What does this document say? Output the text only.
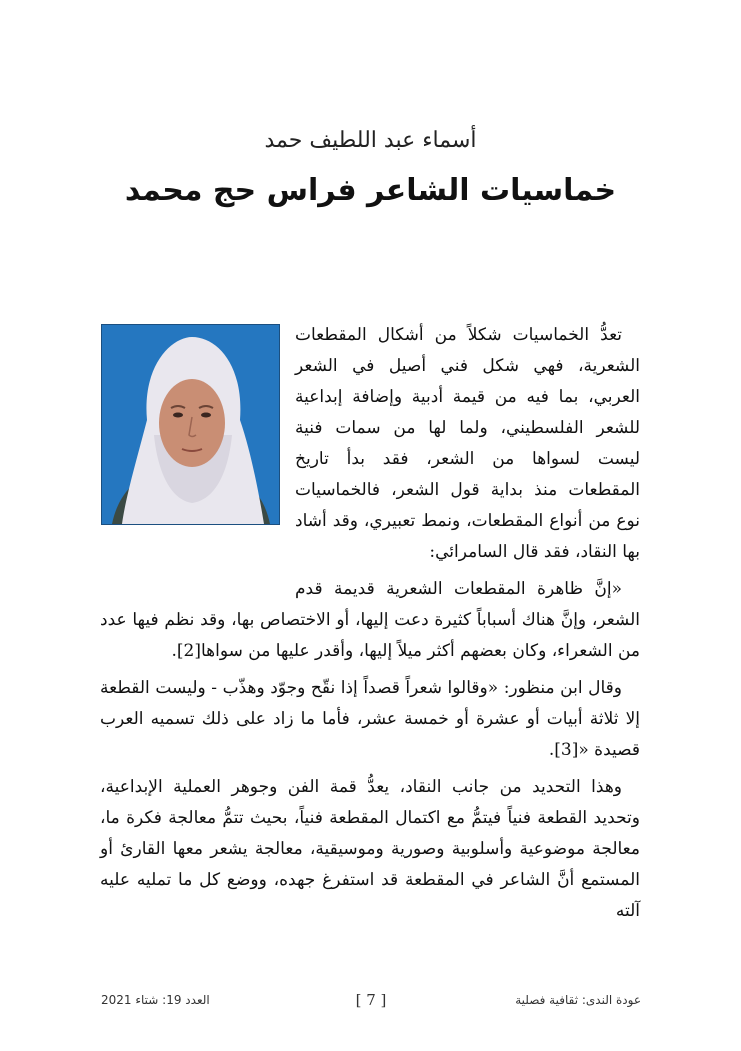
أسماء عبد اللطيف حمد
خماسيات الشاعر فراس حج محمد

تعدُّ الخماسيات شكلاً من أشكال المقطعات الشعرية، فهي شكل فني أصيل في الشعر العربي، بما فيه من قيمة أدبية وإضافة إبداعية للشعر الفلسطيني، ولما لها من سمات فنية ليست لسواها من الشعر، فقد بدأ تاريخ المقطعات منذ بداية قول الشعر، فالخماسيات نوع من أنواع المقطعات، ونمط تعبيري، وقد أشاد بها النقاد، فقد قال السامرائي:

«إنَّ ظاهرة المقطعات الشعرية قديمة قدم الشعر، وإنَّ هناك أسباباً كثيرة دعت إليها، أو الاختصاص بها، وقد نظم فيها عدد من الشعراء، وكان بعضهم أكثر ميلاً إليها، وأقدر عليها من سواها[2].

وقال ابن منظور: «وقالوا شعراً قصداً إذا نقّح وجوّد وهذّب - وليست القطعة إلا ثلاثة أبيات أو عشرة أو خمسة عشر، فأما ما زاد على ذلك تسميه العرب قصيدة «[3].

وهذا التحديد من جانب النقاد، يعدُّ قمة الفن وجوهر العملية الإبداعية، وتحديد القطعة فنياً فيتمُّ مع اكتمال المقطعة فنياً، بحيث تتمُّ معالجة فكرة ما، معالجة موضوعية وأسلوبية وصورية وموسيقية، معالجة يشعر معها القارئ أو المستمع أنَّ الشاعر في المقطعة قد استفرغ جهده، ووضع كل ما تمليه عليه آلته

عودة الندى: ثقافية فصلية
[ 7 ]
العدد 19: شتاء 2021
